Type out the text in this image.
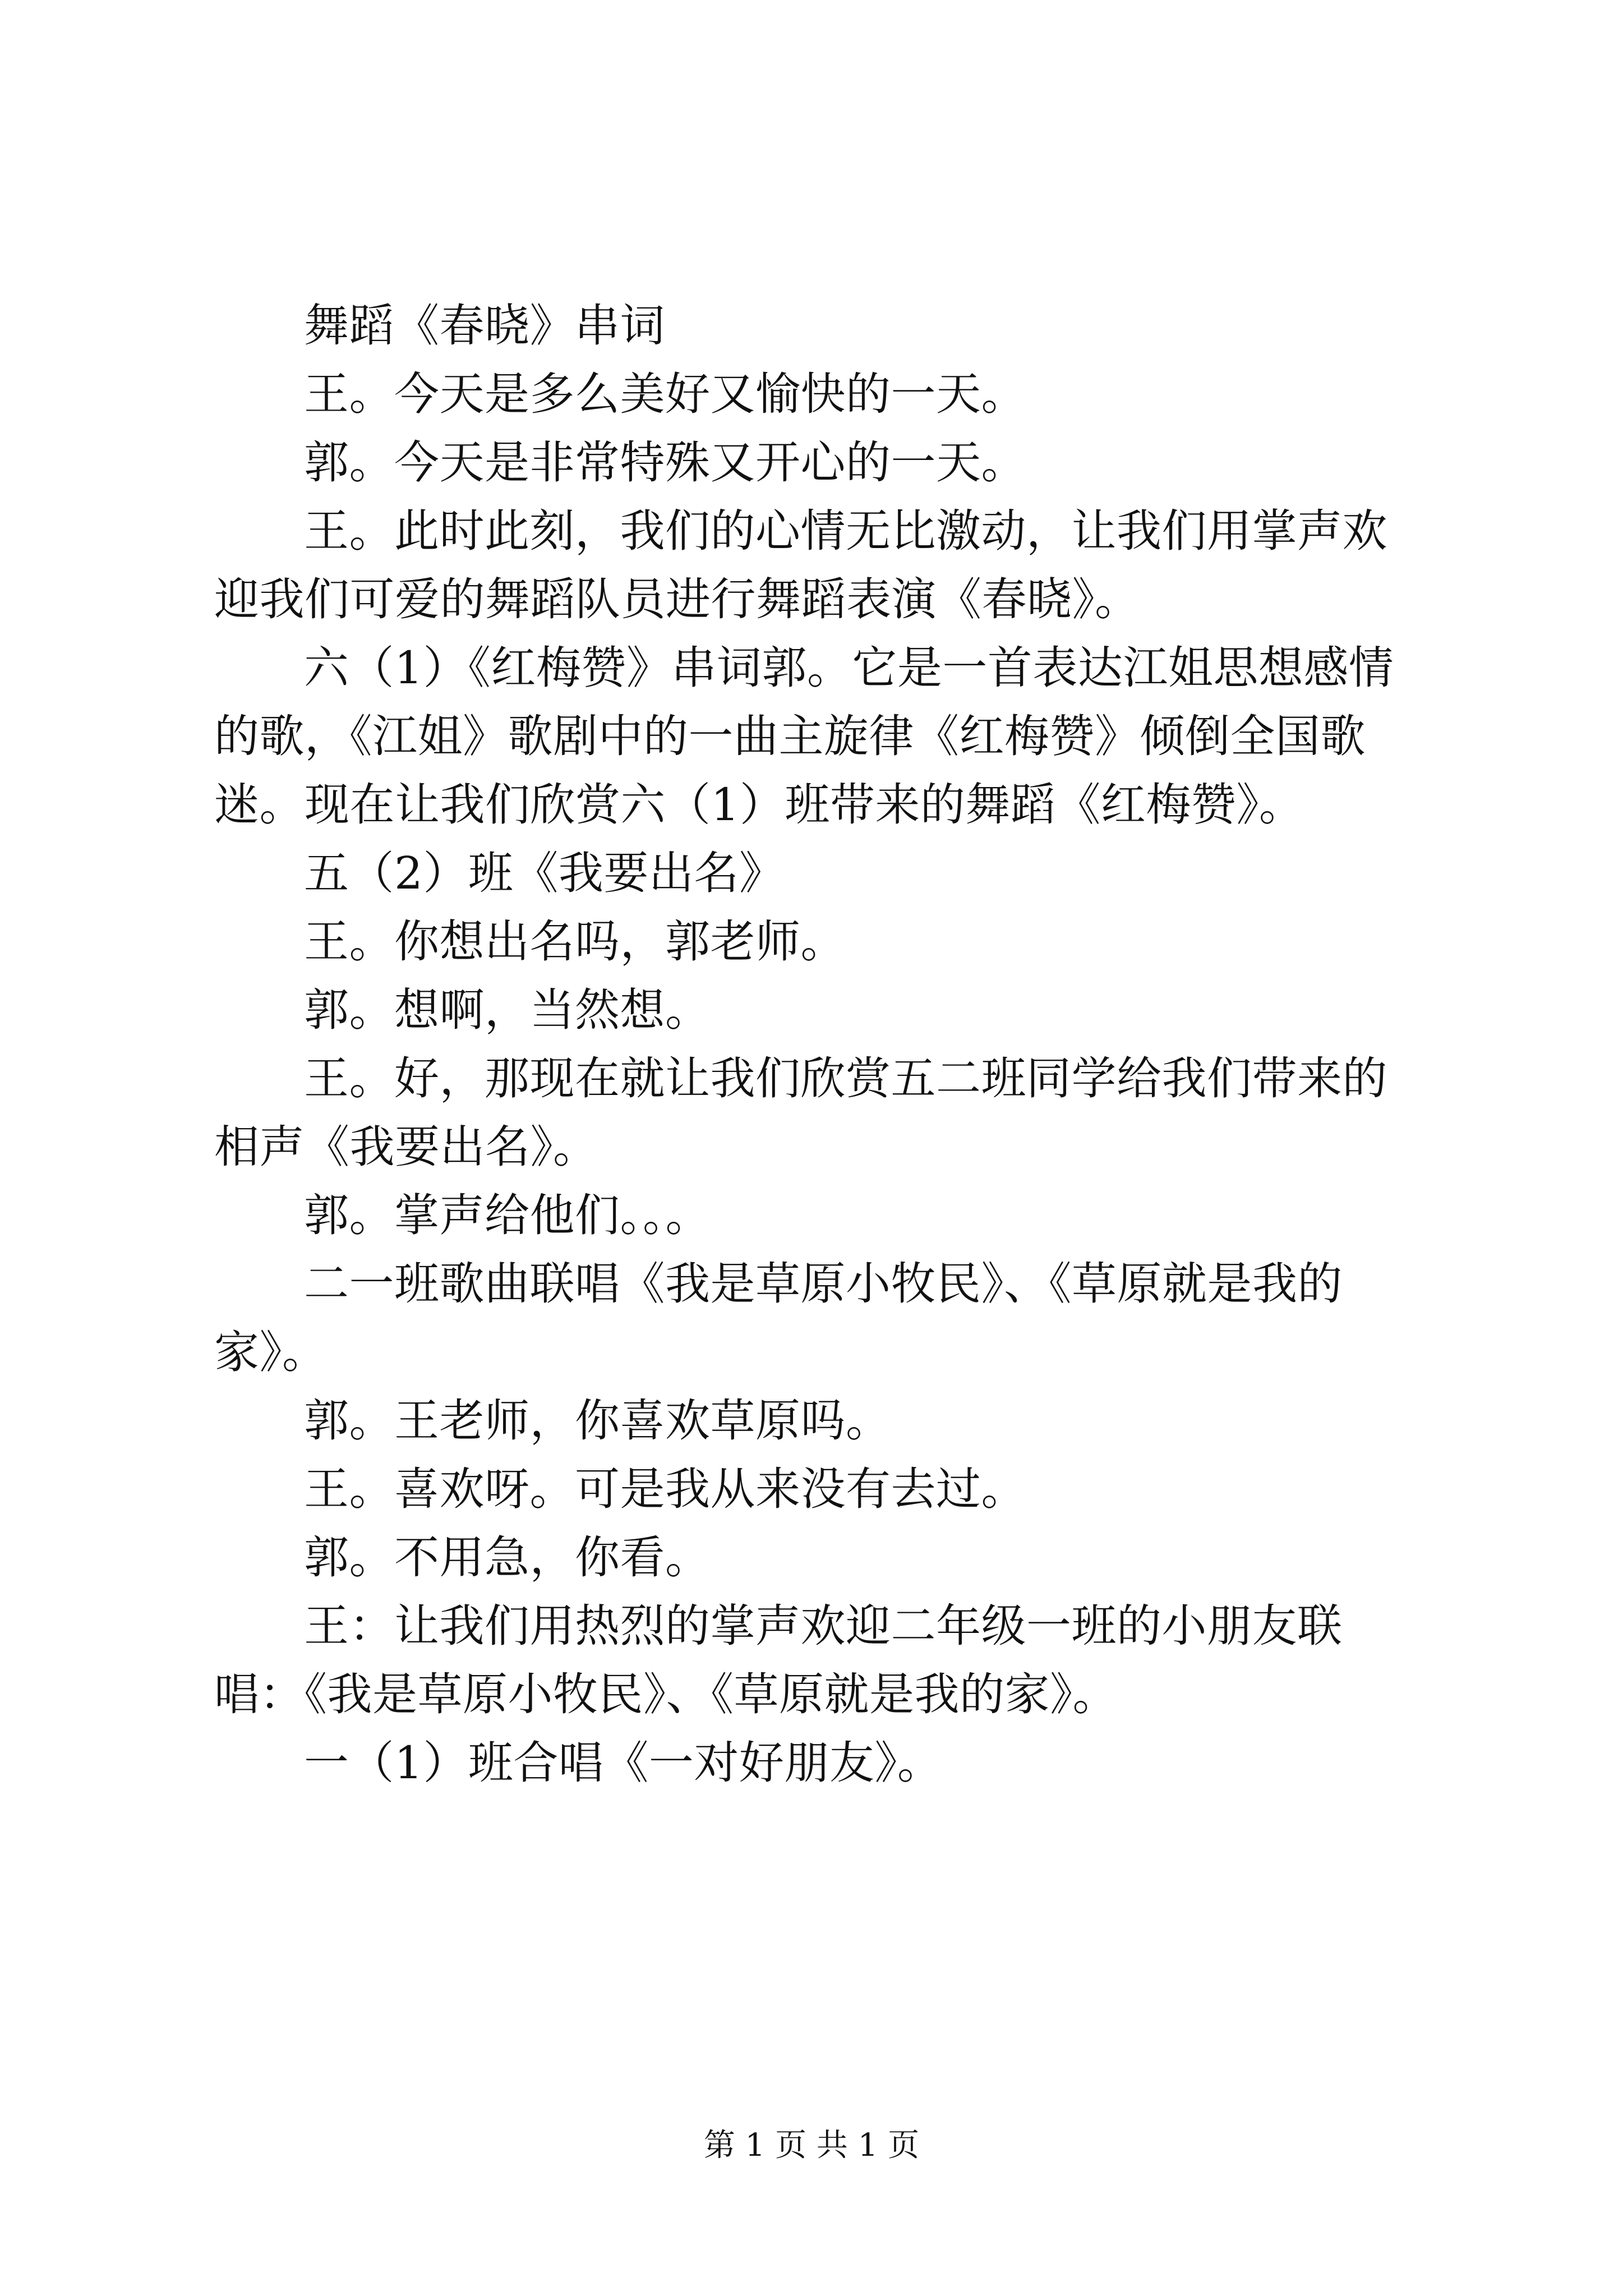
舞蹈《春晓》串词

王。今天是多么美好又愉快的一天。

郭。今天是非常特殊又开心的一天。

王。此时此刻，我们的心情无比激动，让我们用掌声欢迎我们可爱的舞蹈队员进行舞蹈表演《春晓》。

六（1）《红梅赞》串词郭。它是一首表达江姐思想感情的歌，《江姐》歌剧中的一曲主旋律《红梅赞》倾倒全国歌迷。现在让我们欣赏六（1）班带来的舞蹈《红梅赞》。

五（2）班《我要出名》

王。你想出名吗，郭老师。

郭。想啊，当然想。

王。好，那现在就让我们欣赏五二班同学给我们带来的相声《我要出名》。

郭。掌声给他们。。。

二一班歌曲联唱《我是草原小牧民》、《草原就是我的家》。

郭。王老师，你喜欢草原吗。

王。喜欢呀。可是我从来没有去过。

郭。不用急，你看。

王：让我们用热烈的掌声欢迎二年级一班的小朋友联唱：《我是草原小牧民》、《草原就是我的家》。

一（1）班合唱《一对好朋友》。

第 1 页 共 1 页
